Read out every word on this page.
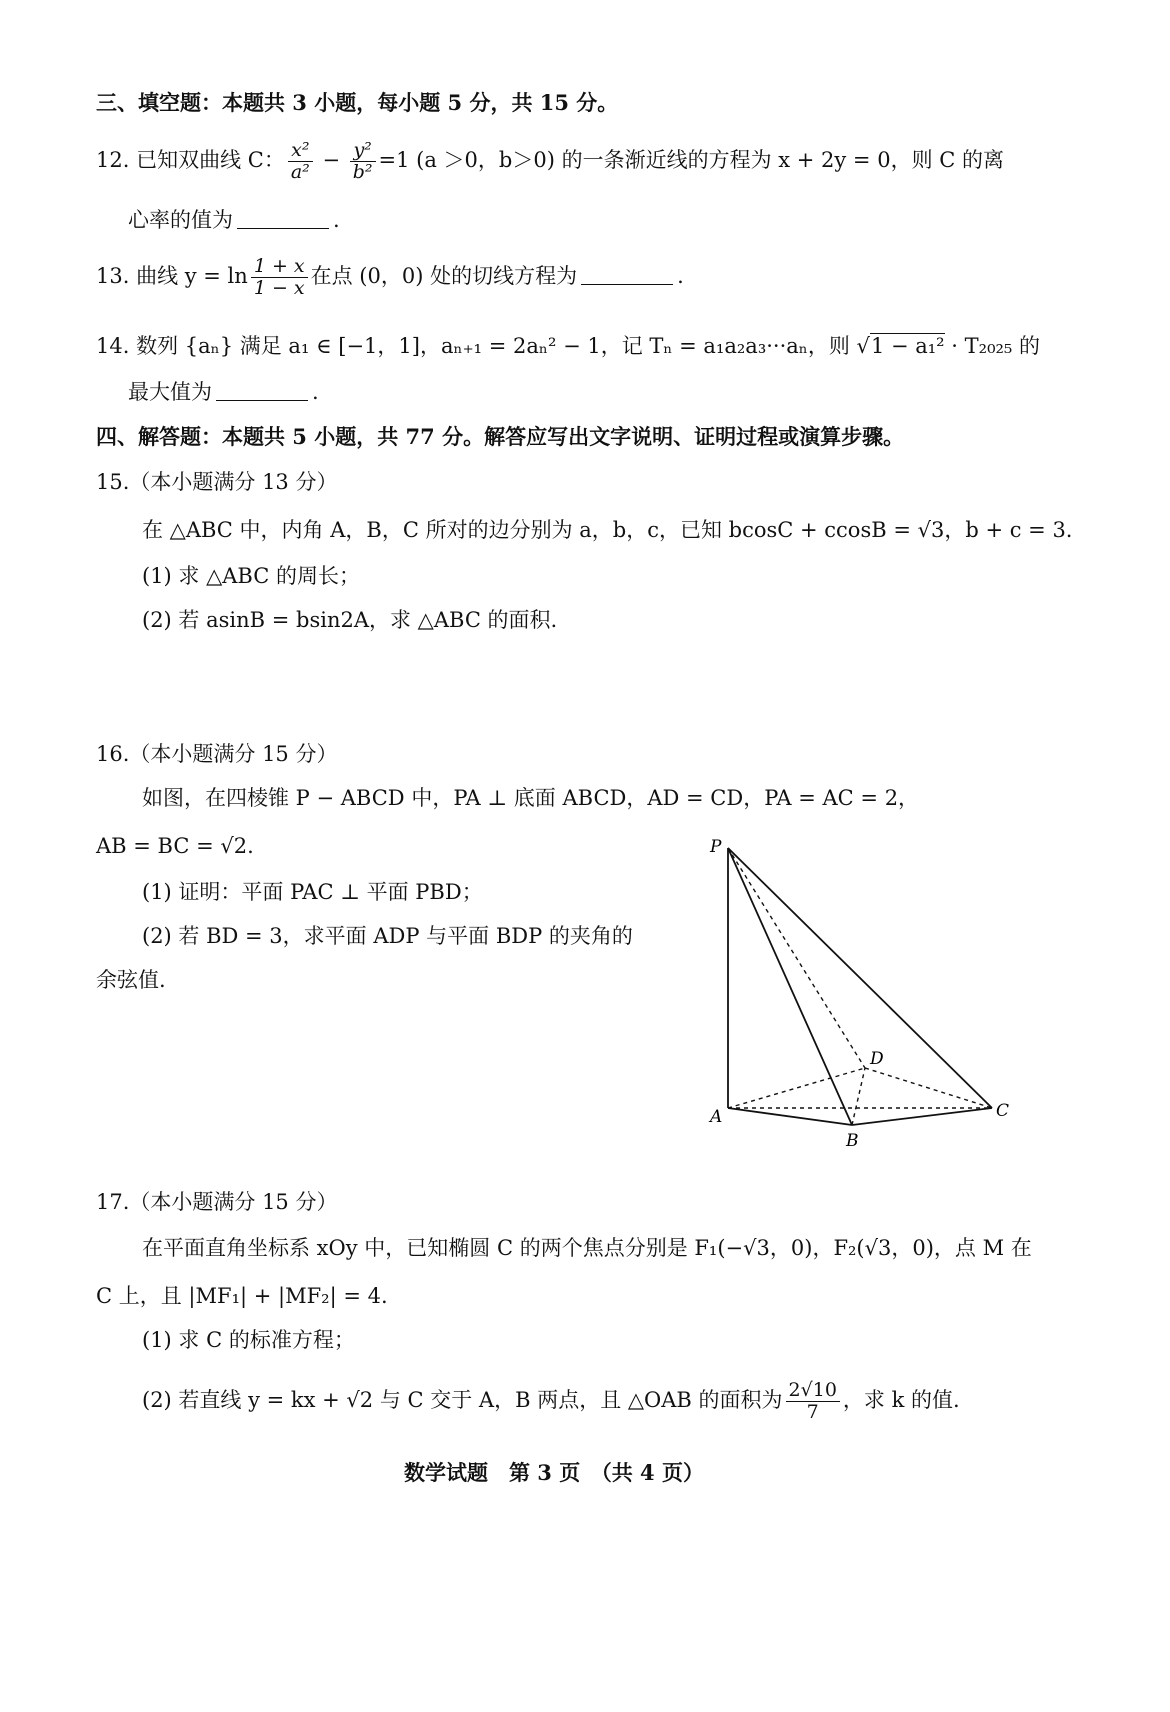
三、填空题：本题共 3 小题，每小题 5 分，共 15 分。
12. 已知双曲线 C： $\frac{\text{x²}}{\text{a²}} - \frac{\text{y²}}{\text{b²}} =1$ (a ＞0，b＞0) 的一条渐近线的方程为 x + 2y = 0，则 C 的离
心率的值为	.
13. 曲线 $y = \ln \frac{1 + x}{1 - x}$ 在点 (0，0) 处的切线方程为	.
14. 数列 {aₙ} 满足 a₁ ∈ [−1，1]，aₙ₊₁ = 2aₙ² − 1，记 Tₙ = a₁a₂a₃···aₙ，则 √1 − a₁² · T₂₀₂₅ 的
最大值为	.
四、解答题：本题共 5 小题，共 77 分。解答应写出文字说明、证明过程或演算步骤。
15.（本小题满分 13 分）
在 △ABC 中，内角 A，B，C 所对的边分别为 a，b，c，已知 bcosC + ccosB = √3，b + c = 3.
(1) 求 △ABC 的周长；
(2) 若 asinB = bsin2A，求 △ABC 的面积.
16.（本小题满分 15 分）
如图，在四棱锥 P − ABCD 中，PA ⊥ 底面 ABCD，AD = CD，PA = AC = 2，
AB = BC = √2.
(1) 证明：平面 PAC ⊥ 平面 PBD；
(2) 若 BD = 3，求平面 ADP 与平面 BDP 的夹角的
余弦值.
P
A
B
C
D
17.（本小题满分 15 分）
在平面直角坐标系 xOy 中，已知椭圆 C 的两个焦点分别是 F₁(−√3，0)，F₂(√3，0)，点 M 在
C 上，且 |MF₁| + |MF₂| = 4.
(1) 求 C 的标准方程；
(2) 若直线 y = kx + √2 与 C 交于 A，B 两点，且 △OAB 的面积为 $\frac{2√10}{7}$ ，求 k 的值.
数学试题　第 3 页　（共 4 页）
